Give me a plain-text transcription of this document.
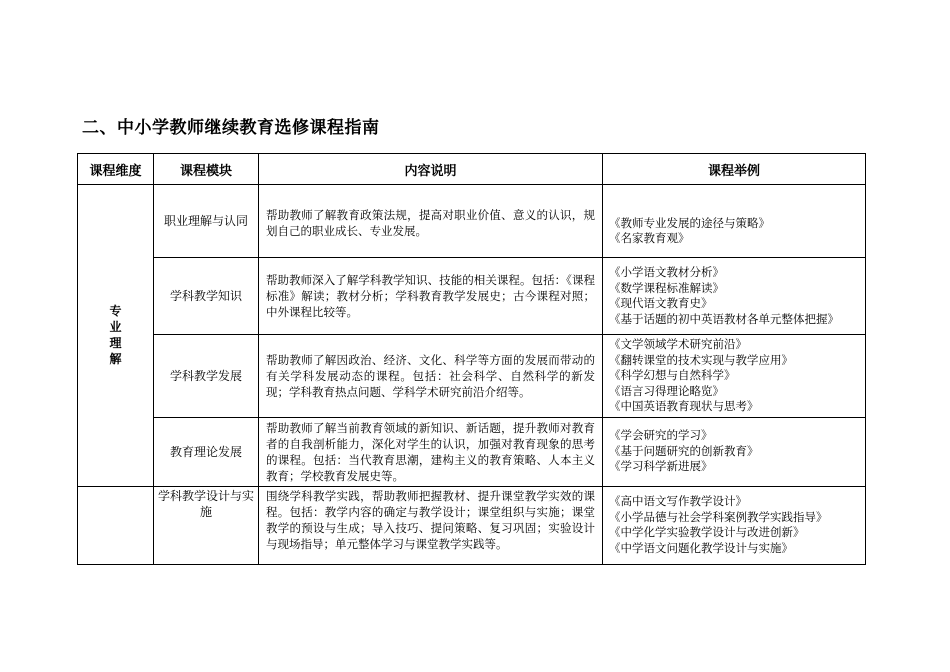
二、中小学教师继续教育选修课程指南
课程维度	课程模块	内容说明	课程举例
专业理解	职业理解与认同	帮助教师了解教育政策法规，提高对职业价值、意义的认识，规划自己的职业成长、专业发展。	《教师专业发展的途径与策略》
《名家教育观》

	学科教学知识	帮助教师深入了解学科教学知识、技能的相关课程。包括：《课程标准》解读；教材分析；学科教育教学发展史；古今课程对照；中外课程比较等。	《小学语文教材分析》
《数学课程标准解读》
《现代语文教育史》
《基于话题的初中英语教材各单元整体把握》

	学科教学发展	帮助教师了解因政治、经济、文化、科学等方面的发展而带动的有关学科发展动态的课程。包括：社会科学、自然科学的新发现；学科教育热点问题、学科学术研究前沿介绍等。	《文学领域学术研究前沿》
《翻转课堂的技术实现与教学应用》
《科学幻想与自然科学》
《语言习得理论略览》
《中国英语教育现状与思考》

	教育理论发展	帮助教师了解当前教育领域的新知识、新话题，提升教师对教育者的自我剖析能力，深化对学生的认识，加强对教育现象的思考的课程。包括：当代教育思潮，建构主义的教育策略、人本主义教育；学校教育发展史等。	《学会研究的学习》
《基于问题研究的创新教育》
《学习科学新进展》

	学科教学设计与实施	围绕学科教学实践，帮助教师把握教材、提升课堂教学实效的课程。包括：教学内容的确定与教学设计；课堂组织与实施；课堂教学的预设与生成；导入技巧、提问策略、复习巩固；实验设计与现场指导；单元整体学习与课堂教学实践等。	《高中语文写作教学设计》
《小学品德与社会学科案例教学实践指导》
《中学化学实验教学设计与改进创新》
《中学语文问题化教学设计与实施》
